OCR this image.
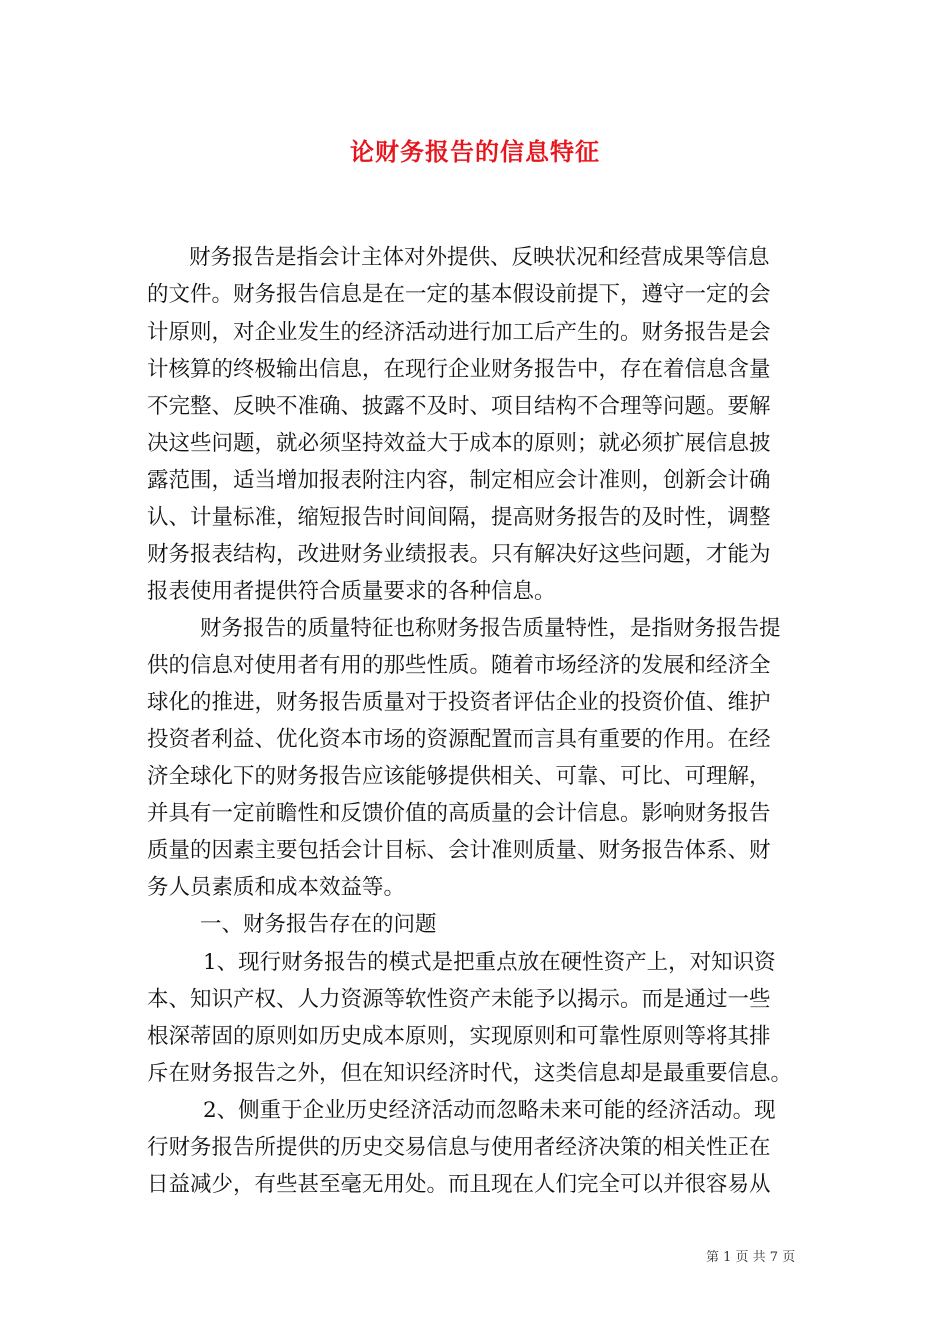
论财务报告的信息特征
财务报告是指会计主体对外提供、反映状况和经营成果等信息
的文件。财务报告信息是在一定的基本假设前提下，遵守一定的会
计原则，对企业发生的经济活动进行加工后产生的。财务报告是会
计核算的终极输出信息，在现行企业财务报告中，存在着信息含量
不完整、反映不准确、披露不及时、项目结构不合理等问题。要解
决这些问题，就必须坚持效益大于成本的原则；就必须扩展信息披
露范围，适当增加报表附注内容，制定相应会计准则，创新会计确
认、计量标准，缩短报告时间间隔，提高财务报告的及时性，调整
财务报表结构，改进财务业绩报表。只有解决好这些问题，才能为
报表使用者提供符合质量要求的各种信息。
财务报告的质量特征也称财务报告质量特性，是指财务报告提
供的信息对使用者有用的那些性质。随着市场经济的发展和经济全
球化的推进，财务报告质量对于投资者评估企业的投资价值、维护
投资者利益、优化资本市场的资源配置而言具有重要的作用。在经
济全球化下的财务报告应该能够提供相关、可靠、可比、可理解，
并具有一定前瞻性和反馈价值的高质量的会计信息。影响财务报告
质量的因素主要包括会计目标、会计准则质量、财务报告体系、财
务人员素质和成本效益等。
一、财务报告存在的问题
1、现行财务报告的模式是把重点放在硬性资产上，对知识资
本、知识产权、人力资源等软性资产未能予以揭示。而是通过一些
根深蒂固的原则如历史成本原则，实现原则和可靠性原则等将其排
斥在财务报告之外，但在知识经济时代，这类信息却是最重要信息。
2、侧重于企业历史经济活动而忽略未来可能的经济活动。现
行财务报告所提供的历史交易信息与使用者经济决策的相关性正在
日益减少，有些甚至毫无用处。而且现在人们完全可以并很容易从
第 1 页 共 7 页
